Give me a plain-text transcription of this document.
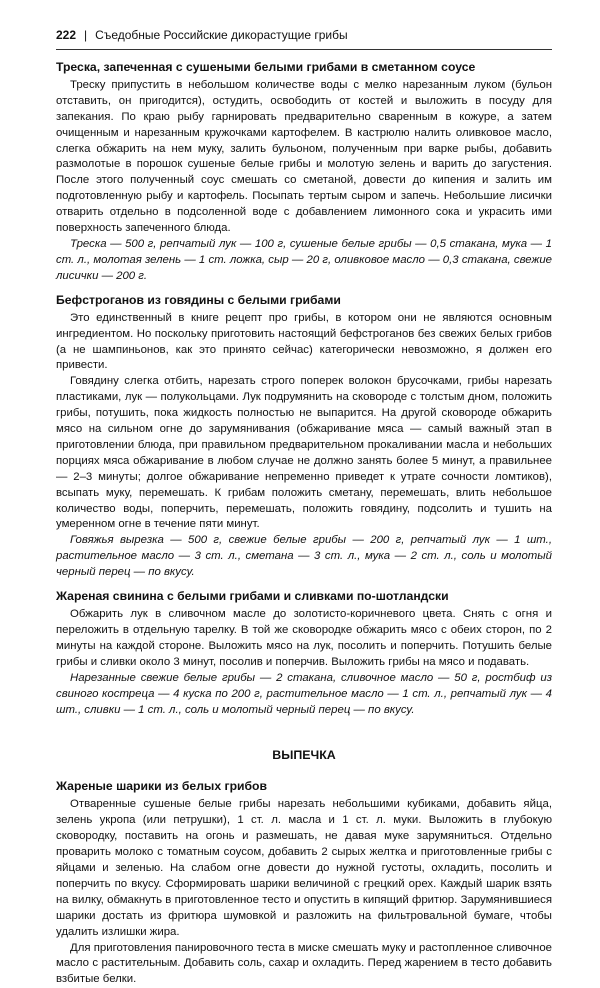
222 | Съедобные Российские дикорастущие грибы
Треска, запеченная с сушеными белыми грибами в сметанном соусе

Треску припустить в небольшом количестве воды с мелко нарезанным луком (бульон отставить, он пригодится), остудить, освободить от костей и выложить в посуду для запекания. По краю рыбу гарнировать предварительно сваренным в кожуре, а затем очищенным и нарезанным кружочками картофелем. В кастрюлю налить оливковое масло, слегка обжарить на нем муку, залить бульоном, полученным при варке рыбы, добавить размолотые в порошок сушеные белые грибы и молотую зелень и варить до загустения. После этого полученный соус смешать со сметаной, довести до кипения и залить им подготовленную рыбу и картофель. Посыпать тертым сыром и запечь. Небольшие лисички отварить отдельно в подсоленной воде с добавлением лимонного сока и украсить ими поверхность запеченного блюда.

Треска — 500 г, репчатый лук — 100 г, сушеные белые грибы — 0,5 стакана, мука — 1 ст. л., молотая зелень — 1 ст. ложка, сыр — 20 г, оливковое масло — 0,3 стакана, свежие лисички — 200 г.

Бефстроганов из говядины с белыми грибами

Это единственный в книге рецепт про грибы, в котором они не являются основным ингредиентом. Но поскольку приготовить настоящий бефстроганов без свежих белых грибов (а не шампиньонов, как это принято сейчас) категорически невозможно, я должен его привести.

Говядину слегка отбить, нарезать строго поперек волокон брусочками, грибы нарезать пластиками, лук — полукольцами. Лук подрумянить на сковороде с толстым дном, положить грибы, потушить, пока жидкость полностью не выпарится. На другой сковороде обжарить мясо на сильном огне до зарумянивания (обжаривание мяса — самый важный этап в приготовлении блюда, при правильном предварительном прокаливании масла и небольших порциях мяса обжаривание в любом случае не должно занять более 5 минут, а правильнее — 2–3 минуты; долгое обжаривание непременно приведет к утрате сочности ломтиков), всыпать муку, перемешать. К грибам положить сметану, перемешать, влить небольшое количество воды, поперчить, перемешать, положить говядину, подсолить и тушить на умеренном огне в течение пяти минут.

Говяжья вырезка — 500 г, свежие белые грибы — 200 г, репчатый лук — 1 шт., растительное масло — 3 ст. л., сметана — 3 ст. л., мука — 2 ст. л., соль и молотый черный перец — по вкусу.

Жареная свинина с белыми грибами и сливками по-шотландски

Обжарить лук в сливочном масле до золотисто-коричневого цвета. Снять с огня и переложить в отдельную тарелку. В той же сковородке обжарить мясо с обеих сторон, по 2 минуты на каждой стороне. Выложить мясо на лук, посолить и поперчить. Потушить белые грибы и сливки около 3 минут, посолив и поперчив. Выложить грибы на мясо и подавать.

Нарезанные свежие белые грибы — 2 стакана, сливочное масло — 50 г, ростбиф из свиного костреца — 4 куска по 200 г, растительное масло — 1 ст. л., репчатый лук — 4 шт., сливки — 1 ст. л., соль и молотый черный перец — по вкусу.

ВЫПЕЧКА
Жареные шарики из белых грибов

Отваренные сушеные белые грибы нарезать небольшими кубиками, добавить яйца, зелень укропа (или петрушки), 1 ст. л. масла и 1 ст. л. муки. Выложить в глубокую сковородку, поставить на огонь и размешать, не давая муке зарумяниться. Отдельно проварить молоко с томатным соусом, добавить 2 сырых желтка и приготовленные грибы с яйцами и зеленью. На слабом огне довести до нужной густоты, охладить, посолить и поперчить по вкусу. Сформировать шарики величиной с грецкий орех. Каждый шарик взять на вилку, обмакнуть в приготовленное тесто и опустить в кипящий фритюр. Зарумянившиеся шарики достать из фритюра шумовкой и разложить на фильтровальной бумаге, чтобы удалить излишки жира.

Для приготовления панировочного теста в миске смешать муку и растопленное сливочное масло с растительным. Добавить соль, сахар и охладить. Перед жарением в тесто добавить взбитые белки.
